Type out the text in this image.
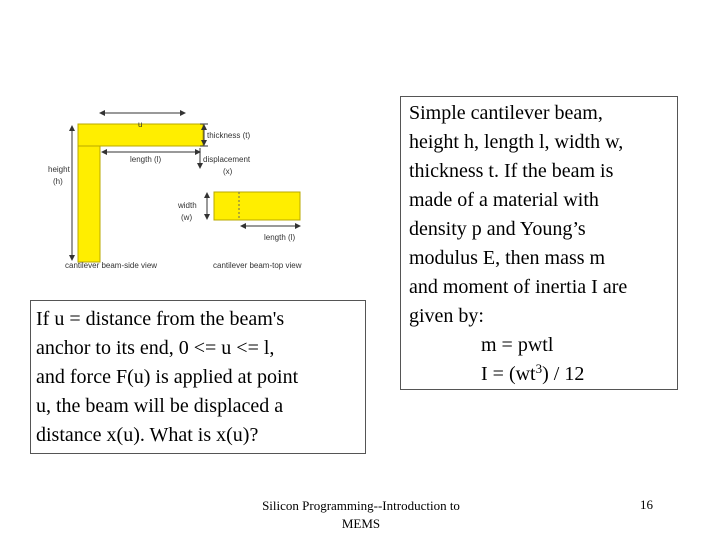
u
thickness (t)
length (l)	displacement
(x)
height
(h)
cantilever beam-side view
width
(w)
length (l)
cantilever beam-top view
If u = distance from the beam's
anchor to its end, 0 <= u <= l,
and force F(u) is applied at point
u, the beam will be displaced a
distance x(u). What is x(u)?
Simple cantilever beam,
height h, length l, width w,
thickness t. If the beam is
made of a material with
density p and Young’s
modulus E, then mass m
and moment of inertia I are
given by:
m = pwtl
$I = (wt^3) / 12$
Silicon Programming--Introduction to MEMS
16
